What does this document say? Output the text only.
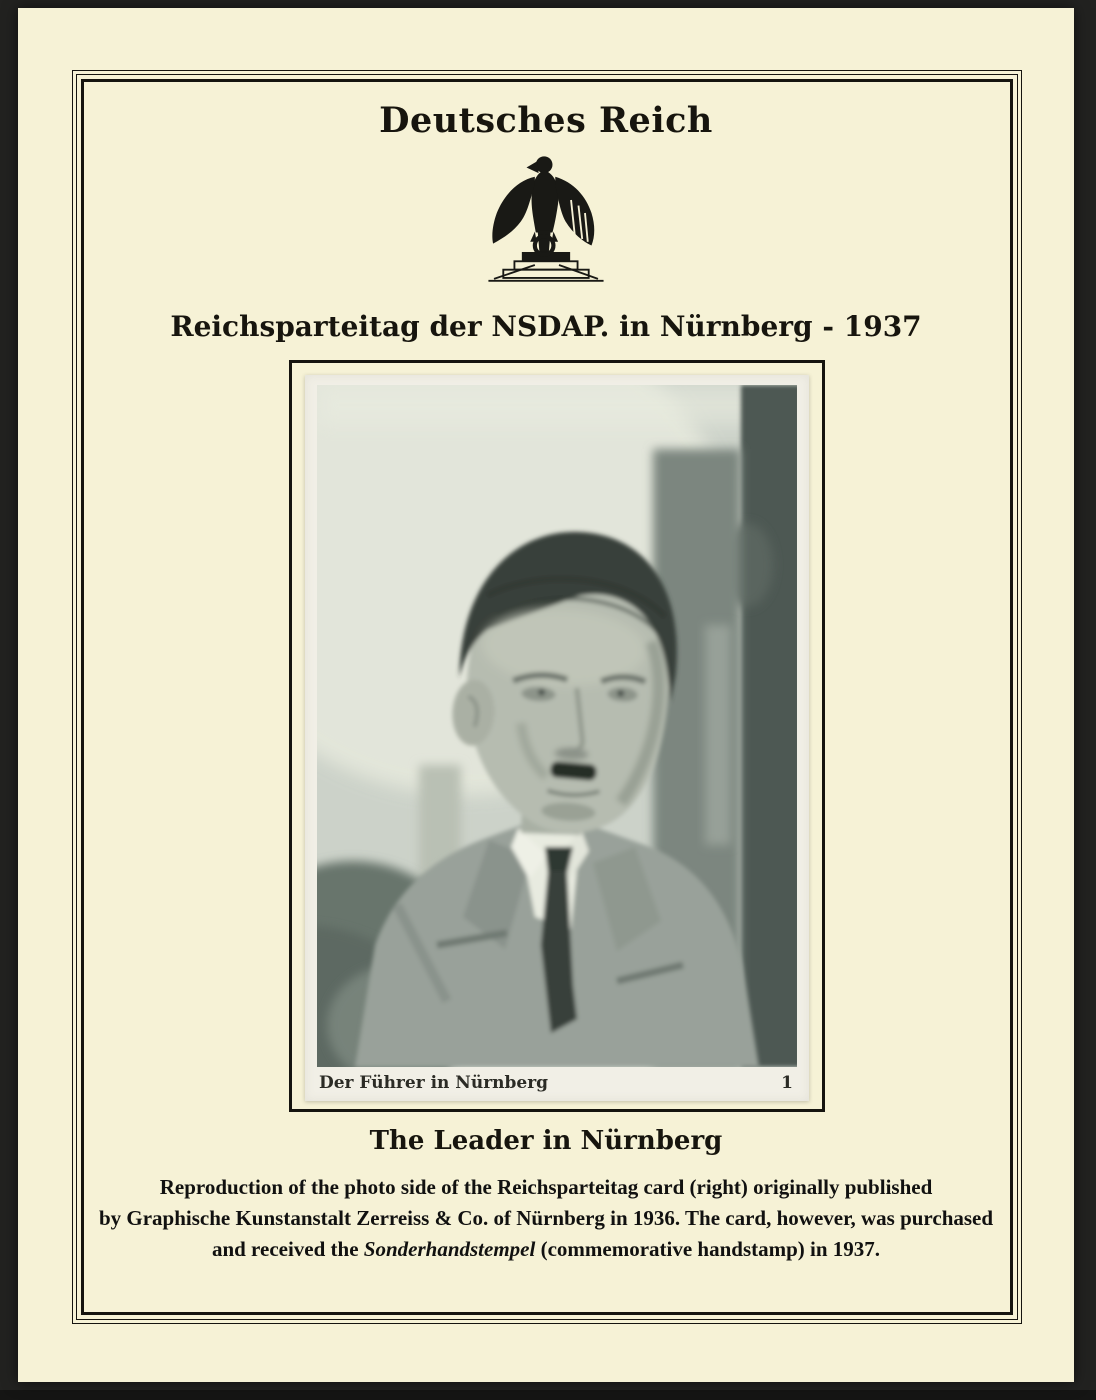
Deutsches Reich
Reichsparteitag der NSDAP. in Nürnberg - 1937
Der Führer in Nürnberg	1
The Leader in Nürnberg
Reproduction of the photo side of the Reichsparteitag card (right) originally published
by Graphische Kunstanstalt Zerreiss & Co. of Nürnberg in 1936. The card, however, was purchased
and received the Sonderhandstempel (commemorative handstamp) in 1937.
